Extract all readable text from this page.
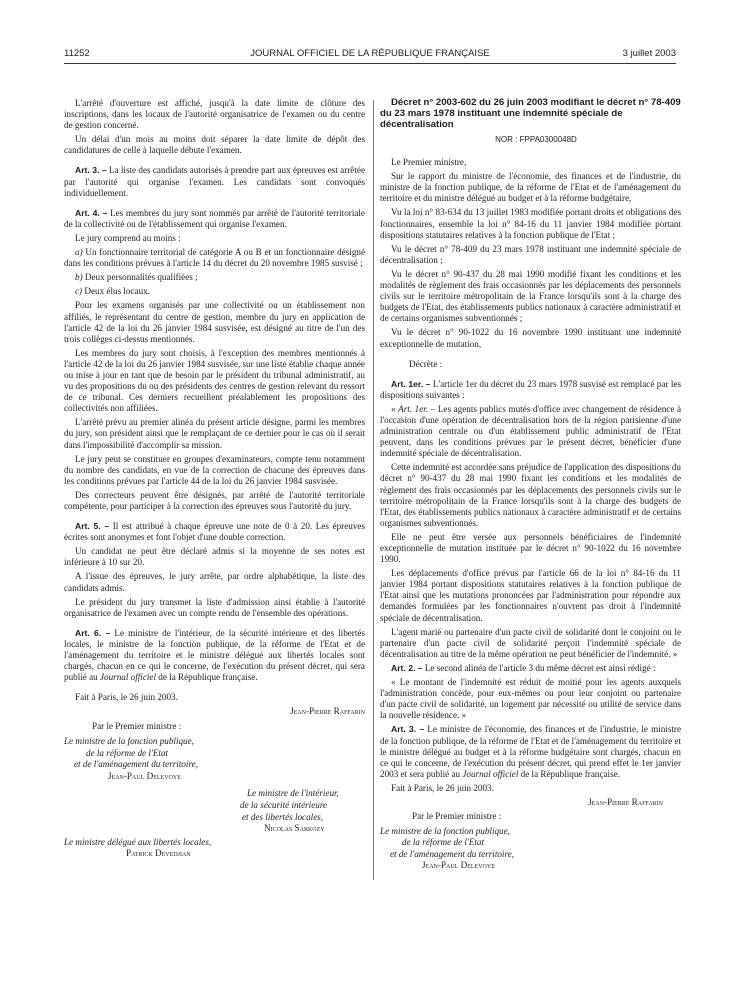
11252	JOURNAL OFFICIEL DE LA RÉPUBLIQUE FRANÇAISE	3 juillet 2003

L'arrêté d'ouverture est affiché, jusqu'à la date limite de clôture des inscriptions, dans les locaux de l'autorité organisatrice de l'examen ou du centre de gestion concerné.

Un délai d'un mois au moins doit séparer la date limite de dépôt des candidatures de celle à laquelle débute l'examen.

Art. 3. – La liste des candidats autorisés à prendre part aux épreuves est arrêtée par l'autorité qui organise l'examen. Les candidats sont convoqués individuellement.

Art. 4. – Les membres du jury sont nommés par arrêté de l'autorité territoriale de la collectivité ou de l'établissement qui organise l'examen.

Le jury comprend au moins :

a) Un fonctionnaire territorial de catégorie A ou B et un fonctionnaire désigné dans les conditions prévues à l'article 14 du décret du 20 novembre 1985 susvisé ;

b) Deux personnalités qualifiées ;

c) Deux élus locaux.

Pour les examens organisés par une collectivité ou un établissement non affiliés, le représentant du centre de gestion, membre du jury en application de l'article 42 de la loi du 26 janvier 1984 susvisée, est désigné au titre de l'un des trois collèges ci-dessus mentionnés.

Les membres du jury sont choisis, à l'exception des membres mentionnés à l'article 42 de la loi du 26 janvier 1984 susvisée, sur une liste établie chaque année ou mise à jour en tant que de besoin par le président du tribunal administratif, au vu des propositions du ou des présidents des centres de gestion relevant du ressort de ce tribunal. Ces derniers recueillent préalablement les propositions des collectivités non affiliées.

L'arrêté prévu au premier alinéa du présent article désigne, parmi les membres du jury, son président ainsi que le remplaçant de ce dernier pour le cas où il serait dans l'impossibilité d'accomplir sa mission.

Le jury peut se constituer en groupes d'examinateurs, compte tenu notamment du nombre des candidats, en vue de la correction de chacune des épreuves dans les conditions prévues par l'article 44 de la loi du 26 janvier 1984 susvisée.

Des correcteurs peuvent être désignés, par arrêté de l'autorité territoriale compétente, pour participer à la correction des épreuves sous l'autorité du jury.

Art. 5. – Il est attribué à chaque épreuve une note de 0 à 20. Les épreuves écrites sont anonymes et font l'objet d'une double correction.

Un candidat ne peut être déclaré admis si la moyenne de ses notes est inférieure à 10 sur 20.

A l'issue des épreuves, le jury arrête, par ordre alphabétique, la liste des candidats admis.

Le président du jury transmet la liste d'admission ainsi établie à l'autorité organisatrice de l'examen avec un compte rendu de l'ensemble des opérations.

Art. 6. – Le ministre de l'intérieur, de la sécurité intérieure et des libertés locales, le ministre de la fonction publique, de la réforme de l'Etat et de l'aménagement du territoire et le ministre délégué aux libertés locales sont chargés, chacun en ce qui le concerne, de l'exécution du présent décret, qui sera publié au Journal officiel de la République française.

Fait à Paris, le 26 juin 2003.

Jean-Pierre Raffarin

Par le Premier ministre :

Le ministre de la fonction publique,

de la réforme de l'Etat

et de l'aménagement du territoire,

Jean-Paul Delevoye

Le ministre de l'intérieur,

de la sécurité intérieure

et des libertés locales,

Nicolas Sarkozy

Le ministre délégué aux libertés locales,

Patrick Devedjian

Décret n° 2003-602 du 26 juin 2003 modifiant le décret n° 78-409 du 23 mars 1978 instituant une indemnité spéciale de décentralisation

NOR : FPPA0300048D

Le Premier ministre,

Sur le rapport du ministre de l'économie, des finances et de l'industrie, du ministre de la fonction publique, de la réforme de l'Etat et de l'aménagement du territoire et du ministre délégué au budget et à la réforme budgétaire,

Vu la loi n° 83-634 du 13 juillet 1983 modifiée portant droits et obligations des fonctionnaires, ensemble la loi n° 84-16 du 11 janvier 1984 modifiée portant dispositions statutaires relatives à la fonction publique de l'Etat ;

Vu le décret n° 78-409 du 23 mars 1978 instituant une indemnité spéciale de décentralisation ;

Vu le décret n° 90-437 du 28 mai 1990 modifié fixant les conditions et les modalités de règlement des frais occasionnés par les déplacements des personnels civils sur le territoire métropolitain de la France lorsqu'ils sont à la charge des budgets de l'Etat, des établissements publics nationaux à caractère administratif et de certains organismes subventionnés ;

Vu le décret n° 90-1022 du 16 novembre 1990 instituant une indemnité exceptionnelle de mutation,

Décrète :

Art. 1er. – L'article 1er du décret du 23 mars 1978 susvisé est remplacé par les dispositions suivantes :

« Art. 1er. – Les agents publics mutés d'office avec changement de résidence à l'occasion d'une opération de décentralisation hors de la région parisienne d'une administration centrale ou d'un établissement public administratif de l'Etat peuvent, dans les conditions prévues par le présent décret, bénéficier d'une indemnité spéciale de décentralisation.

Cette indemnité est accordée sans préjudice de l'application des dispositions du décret n° 90-437 du 28 mai 1990 fixant les conditions et les modalités de règlement des frais occasionnés par les déplacements des personnels civils sur le territoire métropolitain de la France lorsqu'ils sont à la charge des budgets de l'Etat, des établissements publics nationaux à caractère administratif et de certains organismes subventionnés.

Elle ne peut être versée aux personnels bénéficiaires de l'indemnité exceptionnelle de mutation instituée par le décret n° 90-1022 du 16 novembre 1990.

Les déplacements d'office prévus par l'article 66 de la loi n° 84-16 du 11 janvier 1984 portant dispositions statutaires relatives à la fonction publique de l'Etat ainsi que les mutations prononcées par l'administration pour répondre aux demandes formulées par les fonctionnaires n'ouvrent pas droit à l'indemnité spéciale de décentralisation.

L'agent marié ou partenaire d'un pacte civil de solidarité dont le conjoint ou le partenaire d'un pacte civil de solidarité perçoit l'indemnité spéciale de décentralisation au titre de la même opération ne peut bénéficier de l'indemnité. »

Art. 2. – Le second alinéa de l'article 3 du même décret est ainsi rédigé :

« Le montant de l'indemnité est réduit de moitié pour les agents auxquels l'administration concède, pour eux-mêmes ou pour leur conjoint ou partenaire d'un pacte civil de solidarité, un logement par nécessité ou utilité de service dans la nouvelle résidence. »

Art. 3. – Le ministre de l'économie, des finances et de l'industrie, le ministre de la fonction publique, de la réforme de l'Etat et de l'aménagement du territoire et le ministre délégué au budget et à la réforme budgétaire sont chargés, chacun en ce qui le concerne, de l'exécution du présent décret, qui prend effet le 1er janvier 2003 et sera publié au Journal officiel de la République française.

Fait à Paris, le 26 juin 2003.

Jean-Pierre Raffarin

Par le Premier ministre :

Le ministre de la fonction publique,

de la réforme de l'Etat

et de l'aménagement du territoire,

Jean-Paul Delevoye
